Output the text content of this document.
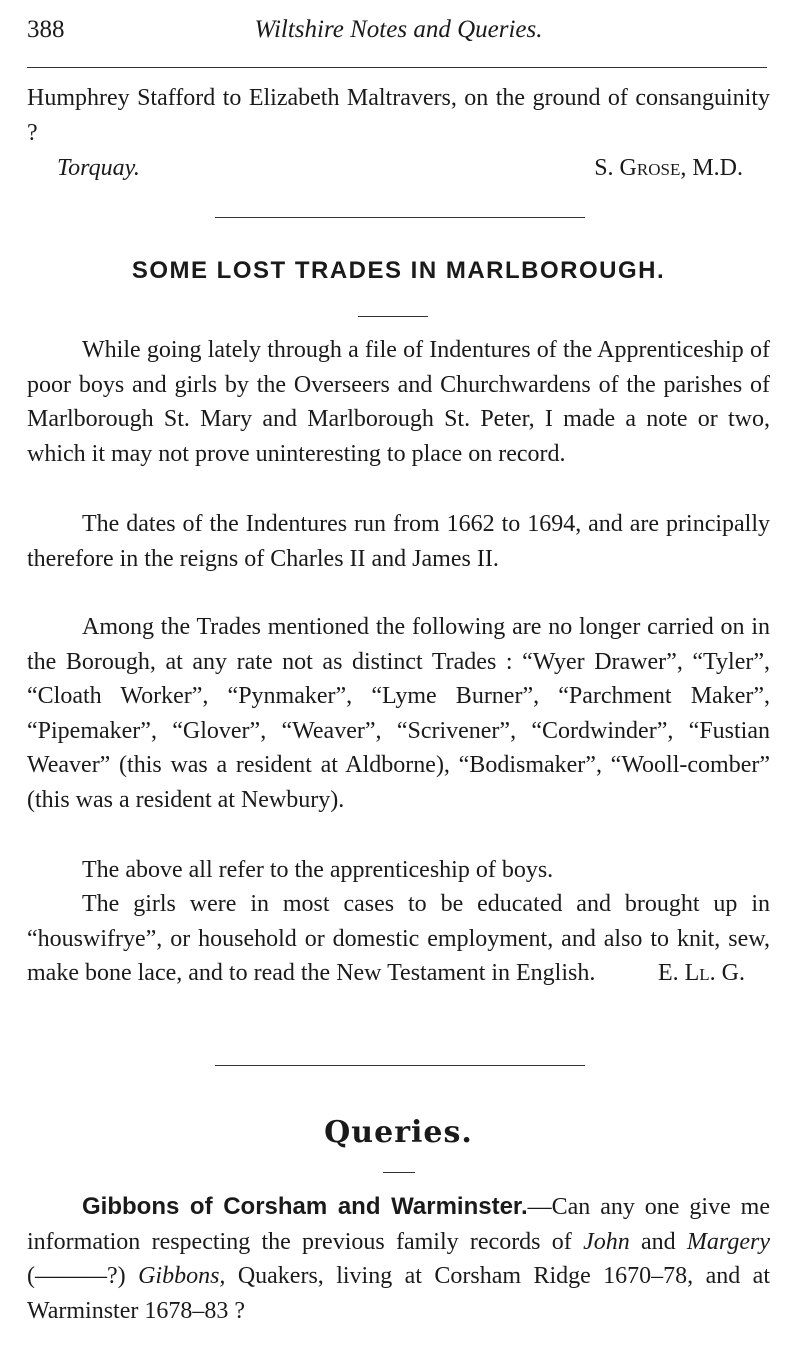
388	Wiltshire Notes and Queries.
Humphrey Stafford to Elizabeth Maltravers, on the ground of consanguinity ?
Torquay.	S. Grose, M.D.
SOME LOST TRADES IN MARLBOROUGH.
While going lately through a file of Indentures of the Apprenticeship of poor boys and girls by the Overseers and Churchwardens of the parishes of Marlborough St. Mary and Marlborough St. Peter, I made a note or two, which it may not prove uninteresting to place on record.
The dates of the Indentures run from 1662 to 1694, and are principally therefore in the reigns of Charles II and James II.
Among the Trades mentioned the following are no longer carried on in the Borough, at any rate not as distinct Trades : “Wyer Drawer”, “Tyler”, “Cloath Worker”, “Pynmaker”, “Lyme Burner”, “Parchment Maker”, “Pipemaker”, “Glover”, “Weaver”, “Scrivener”, “Cordwinder”, “Fustian Weaver” (this was a resident at Aldborne), “Bodismaker”, “Wooll-comber” (this was a resident at Newbury).
The above all refer to the apprenticeship of boys.
The girls were in most cases to be educated and brought up in “houswifrye”, or household or domestic employment, and also to knit, sew, make bone lace, and to read the New Testament in English.	E. Ll. G.
Queries.
Gibbons of Corsham and Warminster.—Can any one give me information respecting the previous family records of John and Margery (———?) Gibbons, Quakers, living at Corsham Ridge 1670–78, and at Warminster 1678–83 ?
